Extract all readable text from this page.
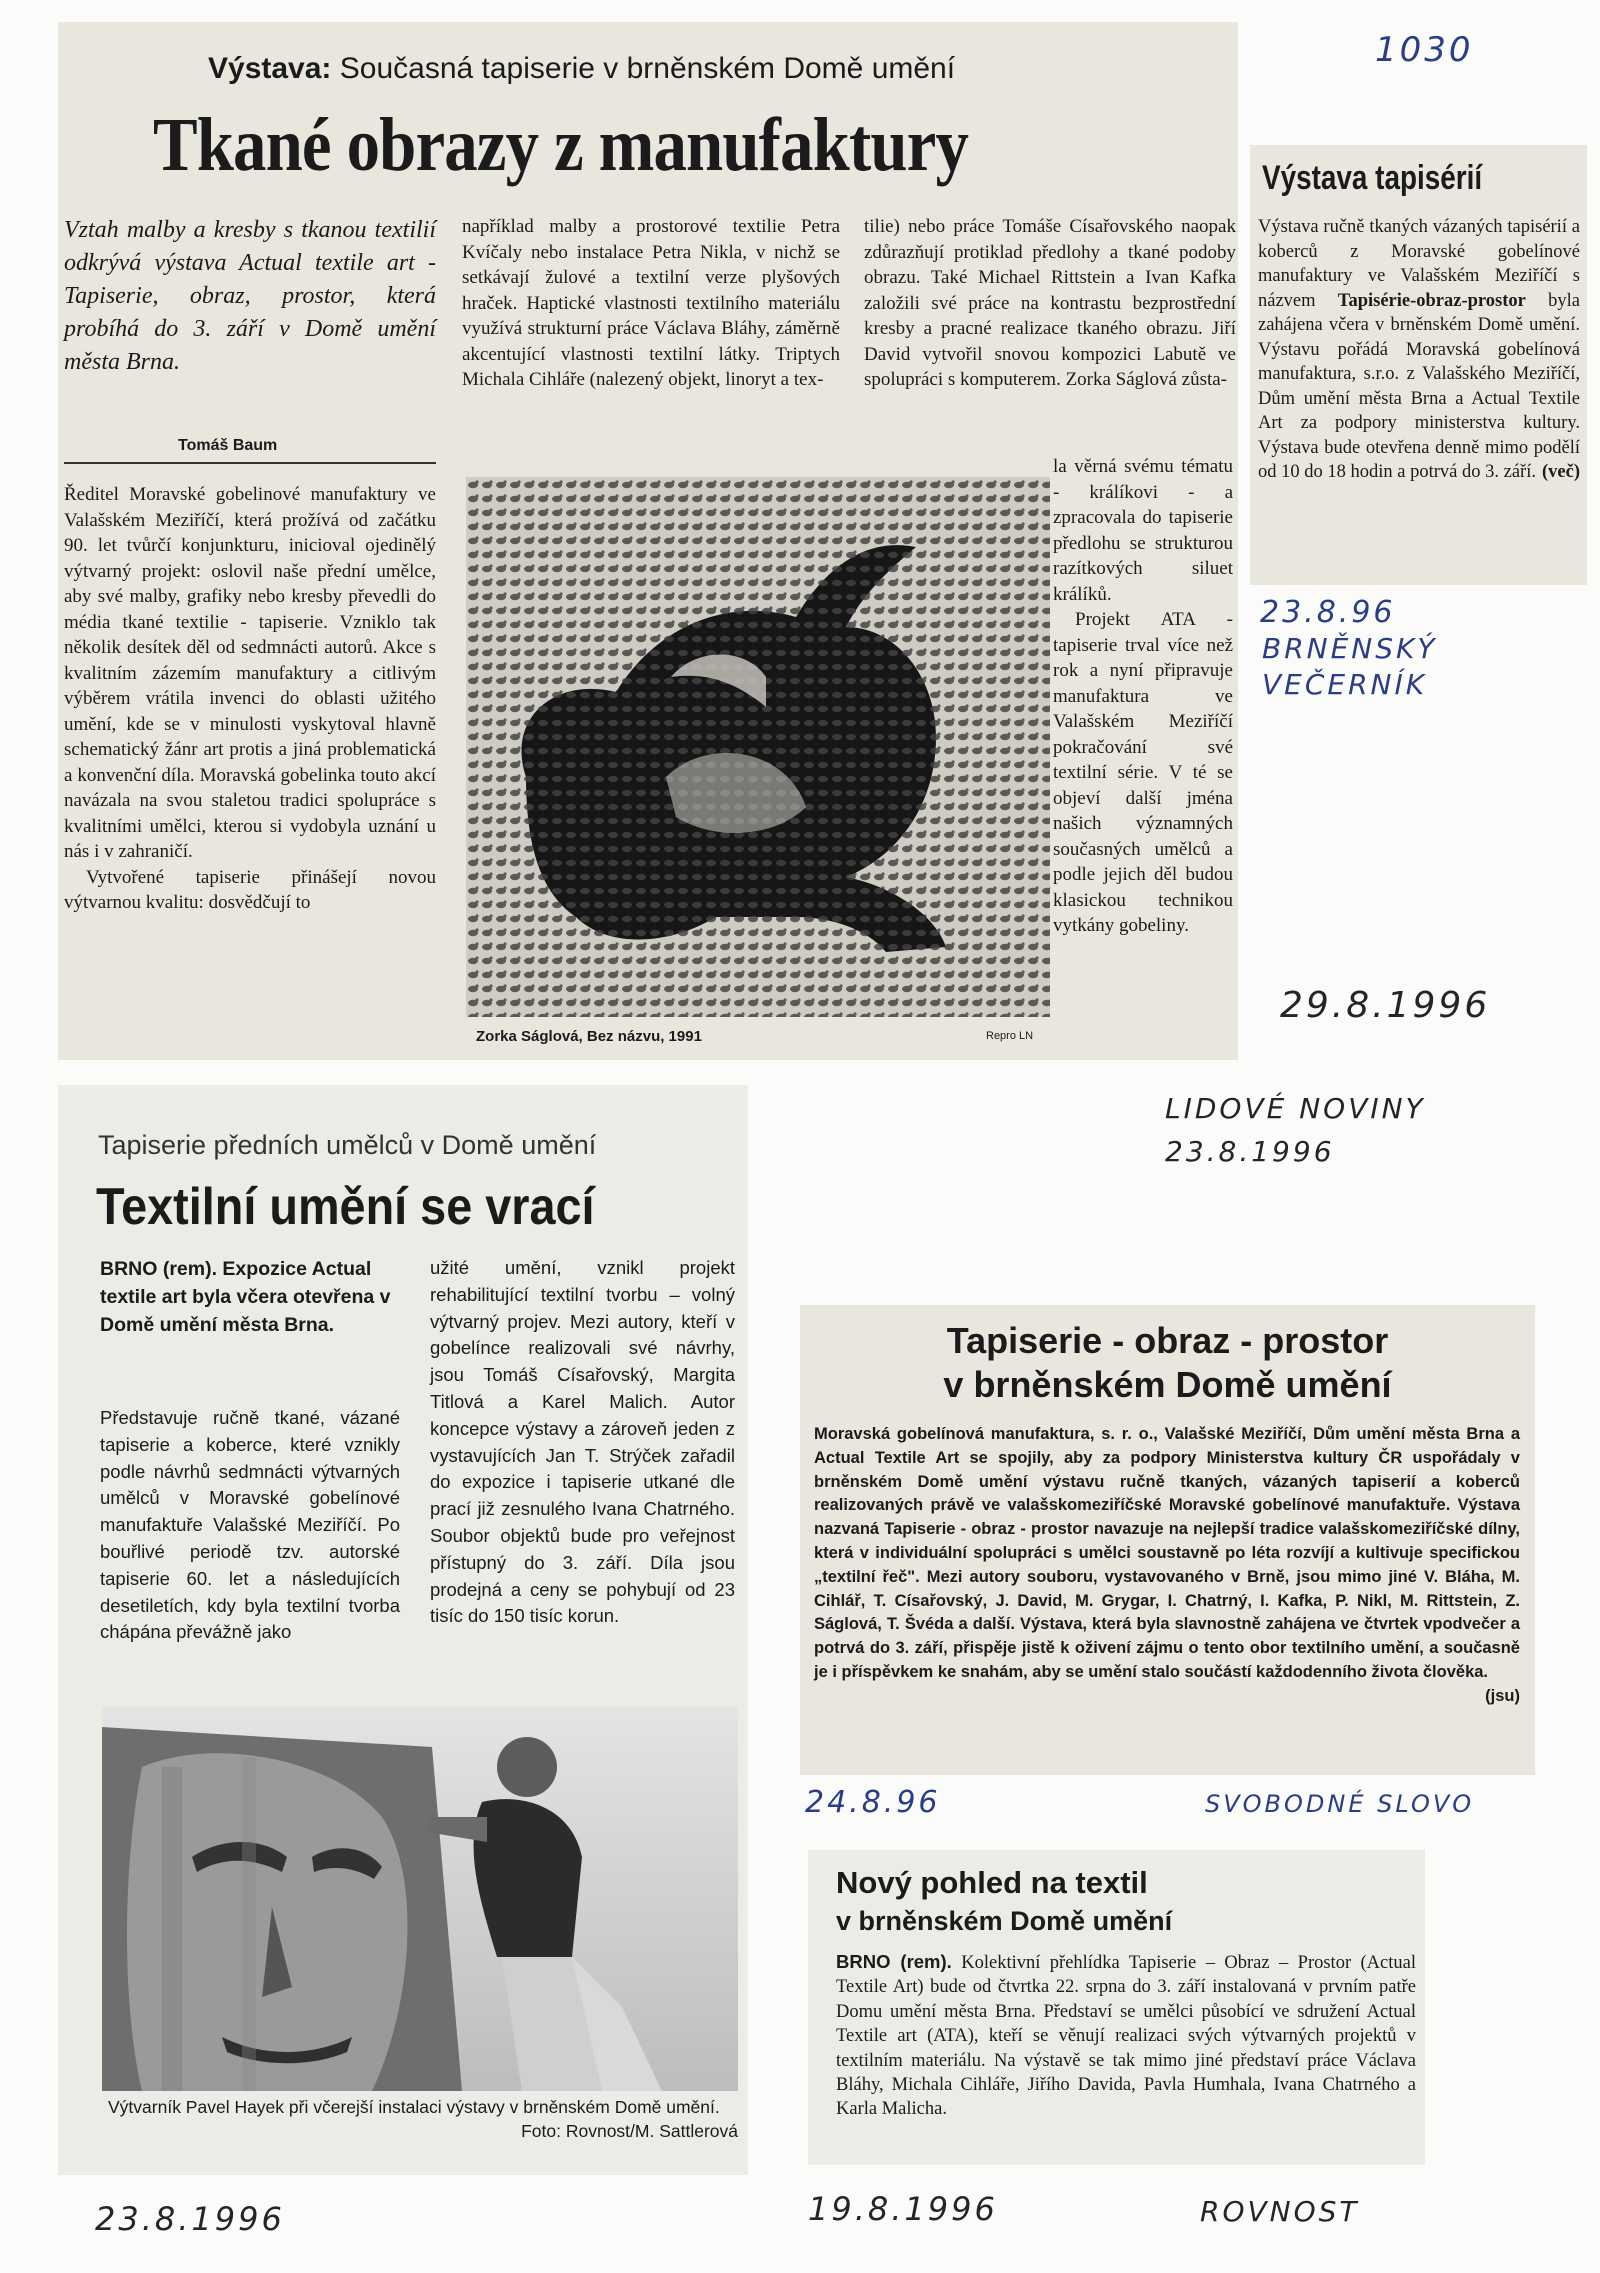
1030
Výstava: Současná tapiserie v brněnském Domě umění
Tkané obrazy z manufaktury
Vztah malby a kresby s tkanou textilií odkrývá výstava Actual textile art - Tapiserie, obraz, prostor, která probíhá do 3. září v Domě umění města Brna.
Tomáš Baum

Ředitel Moravské gobelinové manufaktury ve Valašském Meziříčí, která prožívá od začátku 90. let tvůrčí konjunkturu, inicioval ojedinělý výtvarný projekt: oslovil naše přední umělce, aby své malby, grafiky nebo kresby převedli do média tkané textilie - tapiserie. Vzniklo tak několik desítek děl od sedmnácti autorů. Akce s kvalitním zázemím manufaktury a citlivým výběrem vrátila invenci do oblasti užitého umění, kde se v minulosti vyskytoval hlavně schematický žánr art protis a jiná problematická a konvenční díla. Moravská gobelinka touto akcí navázala na svou staletou tradici spolupráce s kvalitními umělci, kterou si vydobyla uznání u nás i v zahraničí.

Vytvořené tapiserie přinášejí novou výtvarnou kvalitu: dosvědčují to

například malby a prostorové textilie Petra Kvíčaly nebo instalace Petra Nikla, v nichž se setkávají žulové a textilní verze plyšových hraček. Haptické vlastnosti textilního materiálu využívá strukturní práce Václava Bláhy, záměrně akcentující vlastnosti textilní látky. Triptych Michala Cihláře (nalezený objekt, linoryt a tex-
tilie) nebo práce Tomáše Císařovského naopak zdůrazňují protiklad předlohy a tkané podoby obrazu. Také Michael Rittstein a Ivan Kafka založili své práce na kontrastu bezprostřední kresby a pracné realizace tkaného obrazu. Jiří David vytvořil snovou kompozici Labutě ve spolupráci s komputerem. Zorka Ságlová zůsta-

la věrná svému tématu - králíkovi - a zpracovala do tapiserie předlohu se strukturou razítkových siluet králíků.

Projekt ATA - tapiserie trval více než rok a nyní připravuje manufaktura ve Valašském Meziříčí pokračování své textilní série. V té se objeví další jména našich významných současných umělců a podle jejich děl budou klasickou technikou vytkány gobeliny.

Zorka Ságlová, Bez názvu, 1991	Repro LN
Výstava tapisérií
Výstava ručně tkaných vázaných tapisérií a koberců z Moravské gobelínové manufaktury ve Valašském Meziříčí s názvem Tapisérie-obraz-prostor byla zahájena včera v brněnském Domě umění. Výstavu pořádá Moravská gobelínová manufaktura, s.r.o. z Valašského Meziříčí, Dům umění města Brna a Actual Textile Art za podpory ministerstva kultury. Výstava bude otevřena denně mimo podělí od 10 do 18 hodin a potrvá do 3. září. (več)
23.8.96
BRNĚNSKÝ
VEČERNÍK
29.8.1996
LIDOVÉ NOVINY
23.8.1996
Tapiserie předních umělců v Domě umění
Textilní umění se vrací
BRNO (rem). Expozice Actual textile art byla včera otevřena v Domě umění města Brna.
Představuje ručně tkané, vázané tapiserie a koberce, které vznikly podle návrhů sedmnácti výtvarných umělců v Moravské gobelínové manufaktuře Valašské Meziříčí. Po bouřlivé periodě tzv. autorské tapiserie 60. let a následujících desetiletích, kdy byla textilní tvorba chápána převážně jako
užité umění, vznikl projekt rehabilitující textilní tvorbu – volný výtvarný projev. Mezi autory, kteří v gobelínce realizovali své návrhy, jsou Tomáš Císařovský, Margita Titlová a Karel Malich. Autor koncepce výstavy a zároveň jeden z vystavujících Jan T. Strýček zařadil do expozice i tapiserie utkané dle prací již zesnulého Ivana Chatrného. Soubor objektů bude pro veřejnost přístupný do 3. září. Díla jsou prodejná a ceny se pohybují od 23 tisíc do 150 tisíc korun.
Výtvarník Pavel Hayek při včerejší instalaci výstavy v brněnském Domě umění.
Foto: Rovnost/M. Sattlerová
Tapiserie - obraz - prostor
v brněnském Domě umění
Moravská gobelínová manufaktura, s. r. o., Valašské Meziříčí, Dům umění města Brna a Actual Textile Art se spojily, aby za podpory Ministerstva kultury ČR uspořádaly v brněnském Domě umění výstavu ručně tkaných, vázaných tapiserií a koberců realizovaných právě ve valašskomeziříčské Moravské gobelínové manufaktuře. Výstava nazvaná Tapiserie - obraz - prostor navazuje na nejlepší tradice valašskomeziříčské dílny, která v individuální spolupráci s umělci soustavně po léta rozvíjí a kultivuje specifickou „textilní řeč". Mezi autory souboru, vystavovaného v Brně, jsou mimo jiné V. Bláha, M. Cihlář, T. Císařovský, J. David, M. Grygar, I. Chatrný, I. Kafka, P. Nikl, M. Rittstein, Z. Ságlová, T. Švéda a další. Výstava, která byla slavnostně zahájena ve čtvrtek vpodvečer a potrvá do 3. září, přispěje jistě k oživení zájmu o tento obor textilního umění, a současně je i příspěvkem ke snahám, aby se umění stalo součástí každodenního života člověka.
(jsu)
24.8.96	SVOBODNÉ SLOVO
Nový pohled na textil
v brněnském Domě umění
BRNO (rem). Kolektivní přehlídka Tapiserie – Obraz – Prostor (Actual Textile Art) bude od čtvrtka 22. srpna do 3. září instalovaná v prvním patře Domu umění města Brna. Představí se umělci působící ve sdružení Actual Textile art (ATA), kteří se věnují realizaci svých výtvarných projektů v textilním materiálu. Na výstavě se tak mimo jiné představí práce Václava Bláhy, Michala Cihláře, Jiřího Davida, Pavla Humhala, Ivana Chatrného a Karla Malicha.
23.8.1996	19.8.1996	ROVNOST
